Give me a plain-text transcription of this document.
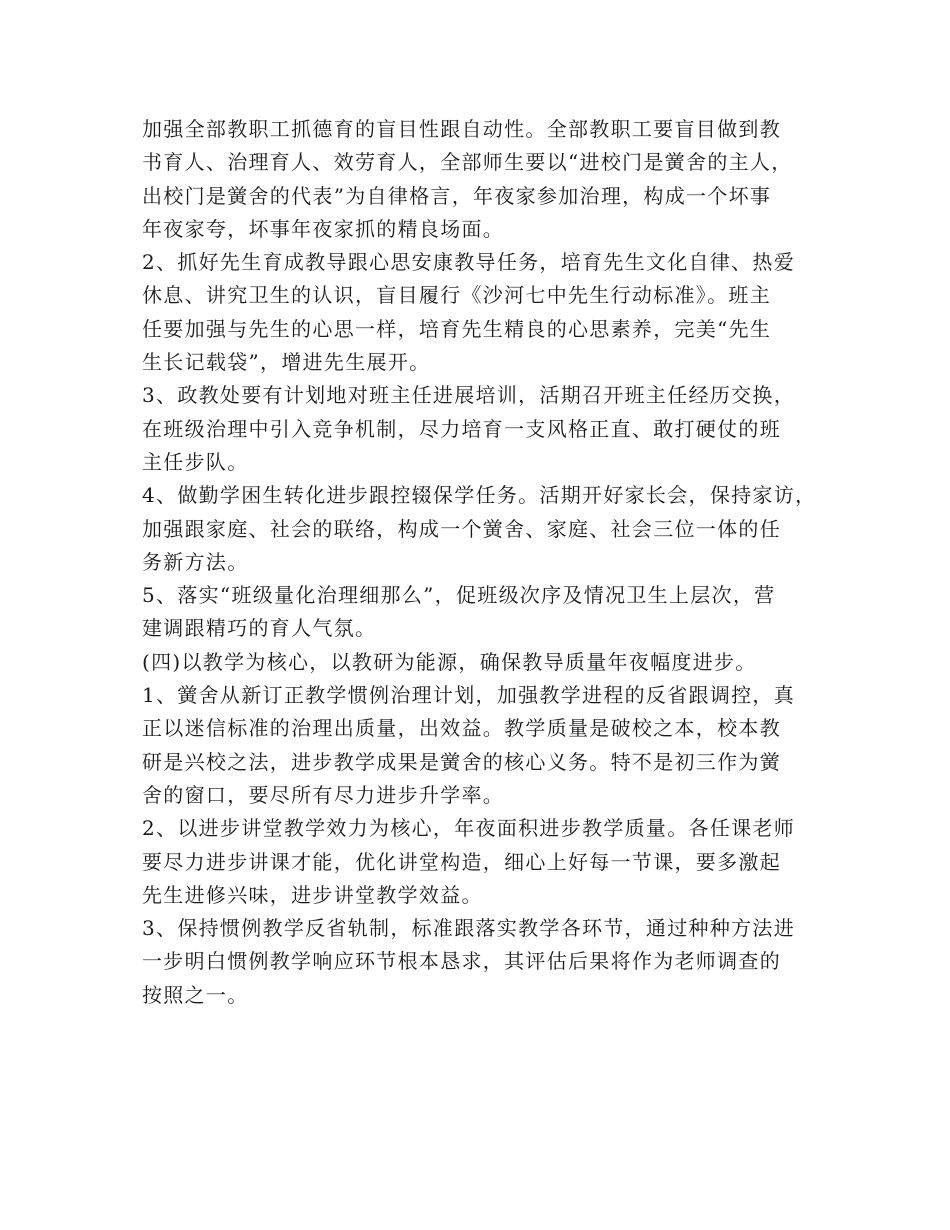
加强全部教职工抓德育的盲目性跟自动性。全部教职工要盲目做到教
书育人、治理育人、效劳育人，全部师生要以“进校门是黉舍的主人，
出校门是黉舍的代表”为自律格言，年夜家参加治理，构成一个坏事
年夜家夸，坏事年夜家抓的精良场面。
2、抓好先生育成教导跟心思安康教导任务，培育先生文化自律、热爱
休息、讲究卫生的认识，盲目履行《沙河七中先生行动标准》。班主
任要加强与先生的心思一样，培育先生精良的心思素养，完美“先生
生长记载袋”，增进先生展开。
3、政教处要有计划地对班主任进展培训，活期召开班主任经历交换，
在班级治理中引入竞争机制，尽力培育一支风格正直、敢打硬仗的班
主任步队。
4、做勤学困生转化进步跟控辍保学任务。活期开好家长会，保持家访，
加强跟家庭、社会的联络，构成一个黉舍、家庭、社会三位一体的任
务新方法。
5、落实“班级量化治理细那么”，促班级次序及情况卫生上层次，营
建调跟精巧的育人气氛。
(四)以教学为核心，以教研为能源，确保教导质量年夜幅度进步。
1、黉舍从新订正教学惯例治理计划，加强教学进程的反省跟调控，真
正以迷信标准的治理出质量，出效益。教学质量是破校之本，校本教
研是兴校之法，进步教学成果是黉舍的核心义务。特不是初三作为黉
舍的窗口，要尽所有尽力进步升学率。
2、以进步讲堂教学效力为核心，年夜面积进步教学质量。各任课老师
要尽力进步讲课才能，优化讲堂构造，细心上好每一节课，要多激起
先生进修兴味，进步讲堂教学效益。
3、保持惯例教学反省轨制，标准跟落实教学各环节，通过种种方法进
一步明白惯例教学响应环节根本恳求，其评估后果将作为老师调查的
按照之一。
